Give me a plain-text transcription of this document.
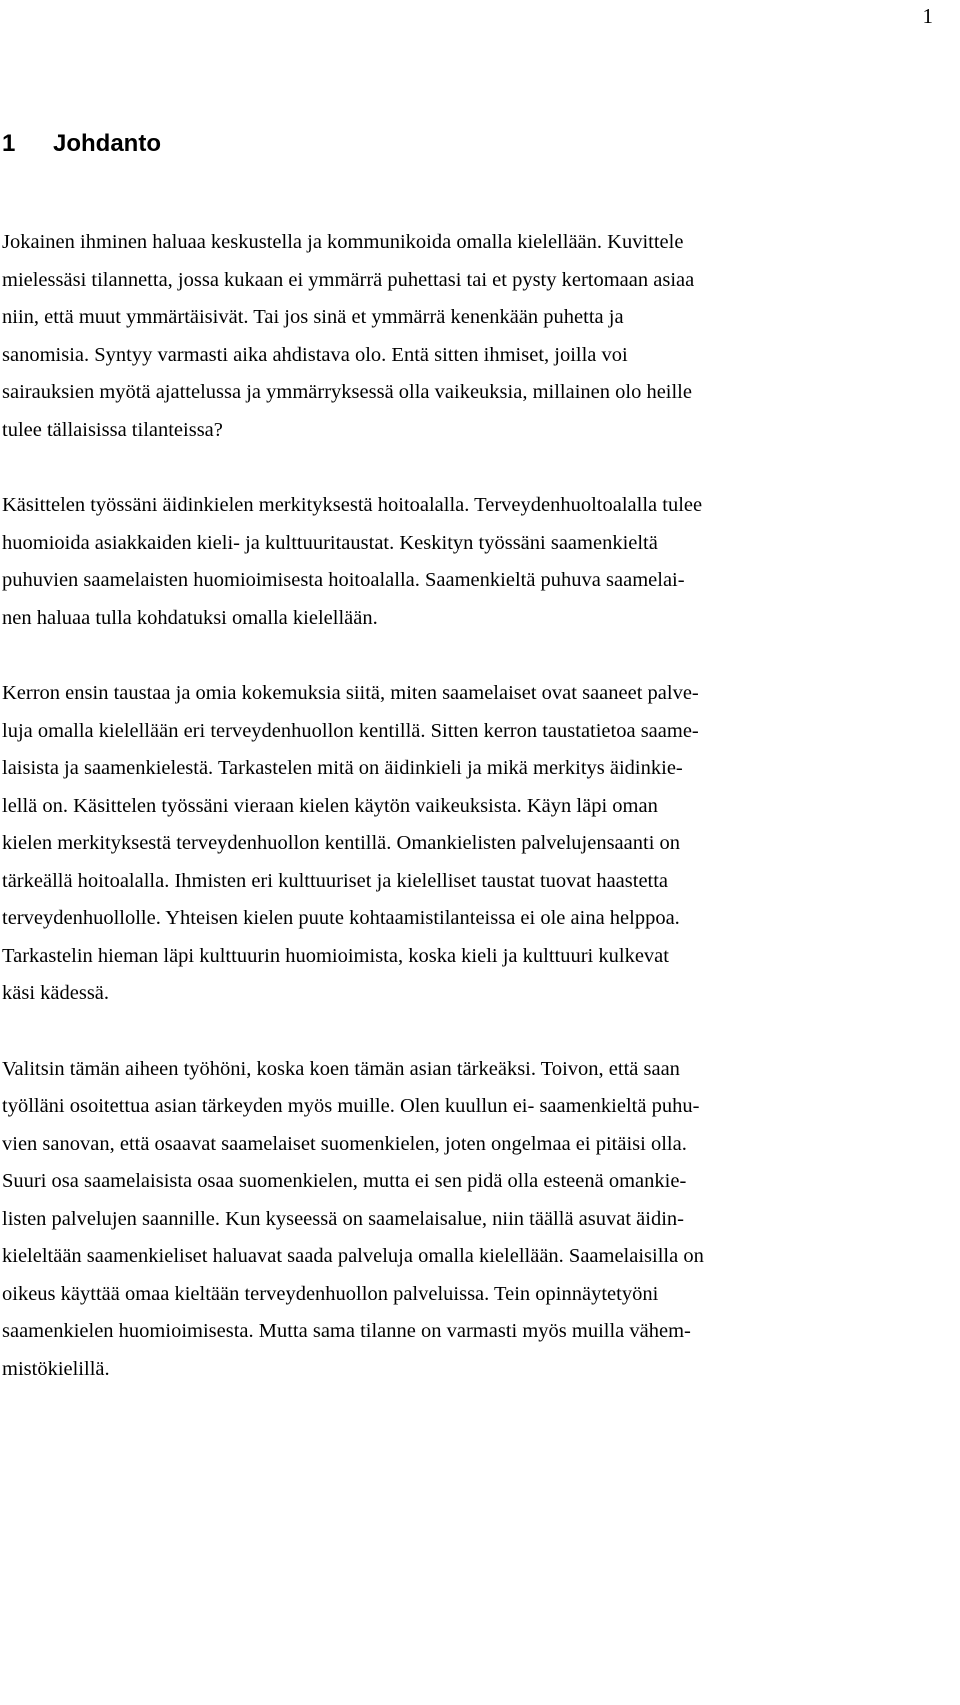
1
1 Johdanto

Jokainen ihminen haluaa keskustella ja kommunikoida omalla kielellään. Kuvittele
mielessäsi tilannetta, jossa kukaan ei ymmärrä puhettasi tai et pysty kertomaan asiaa
niin, että muut ymmärtäisivät. Tai jos sinä et ymmärrä kenenkään puhetta ja
sanomisia. Syntyy varmasti aika ahdistava olo. Entä sitten ihmiset, joilla voi
sairauksien myötä ajattelussa ja ymmärryksessä olla vaikeuksia, millainen olo heille
tulee tällaisissa tilanteissa?

Käsittelen työssäni äidinkielen merkityksestä hoitoalalla. Terveydenhuoltoalalla tulee
huomioida asiakkaiden kieli- ja kulttuuritaustat. Keskityn työssäni saamenkieltä
puhuvien saamelaisten huomioimisesta hoitoalalla. Saamenkieltä puhuva saamelai-
nen haluaa tulla kohdatuksi omalla kielellään.

Kerron ensin taustaa ja omia kokemuksia siitä, miten saamelaiset ovat saaneet palve-
luja omalla kielellään eri terveydenhuollon kentillä. Sitten kerron taustatietoa saame-
laisista ja saamenkielestä. Tarkastelen mitä on äidinkieli ja mikä merkitys äidinkie-
lellä on. Käsittelen työssäni vieraan kielen käytön vaikeuksista. Käyn läpi oman
kielen merkityksestä terveydenhuollon kentillä. Omankielisten palvelujensaanti on
tärkeällä hoitoalalla. Ihmisten eri kulttuuriset ja kielelliset taustat tuovat haastetta
terveydenhuollolle. Yhteisen kielen puute kohtaamistilanteissa ei ole aina helppoa.
Tarkastelin hieman läpi kulttuurin huomioimista, koska kieli ja kulttuuri kulkevat
käsi kädessä.

Valitsin tämän aiheen työhöni, koska koen tämän asian tärkeäksi. Toivon, että saan
työlläni osoitettua asian tärkeyden myös muille. Olen kuullun ei- saamenkieltä puhu-
vien sanovan, että osaavat saamelaiset suomenkielen, joten ongelmaa ei pitäisi olla.
Suuri osa saamelaisista osaa suomenkielen, mutta ei sen pidä olla esteenä omankie-
listen palvelujen saannille. Kun kyseessä on saamelaisalue, niin täällä asuvat äidin-
kieleltään saamenkieliset haluavat saada palveluja omalla kielellään. Saamelaisilla on
oikeus käyttää omaa kieltään terveydenhuollon palveluissa. Tein opinnäytetyöni
saamenkielen huomioimisesta. Mutta sama tilanne on varmasti myös muilla vähem-
mistökielillä.
